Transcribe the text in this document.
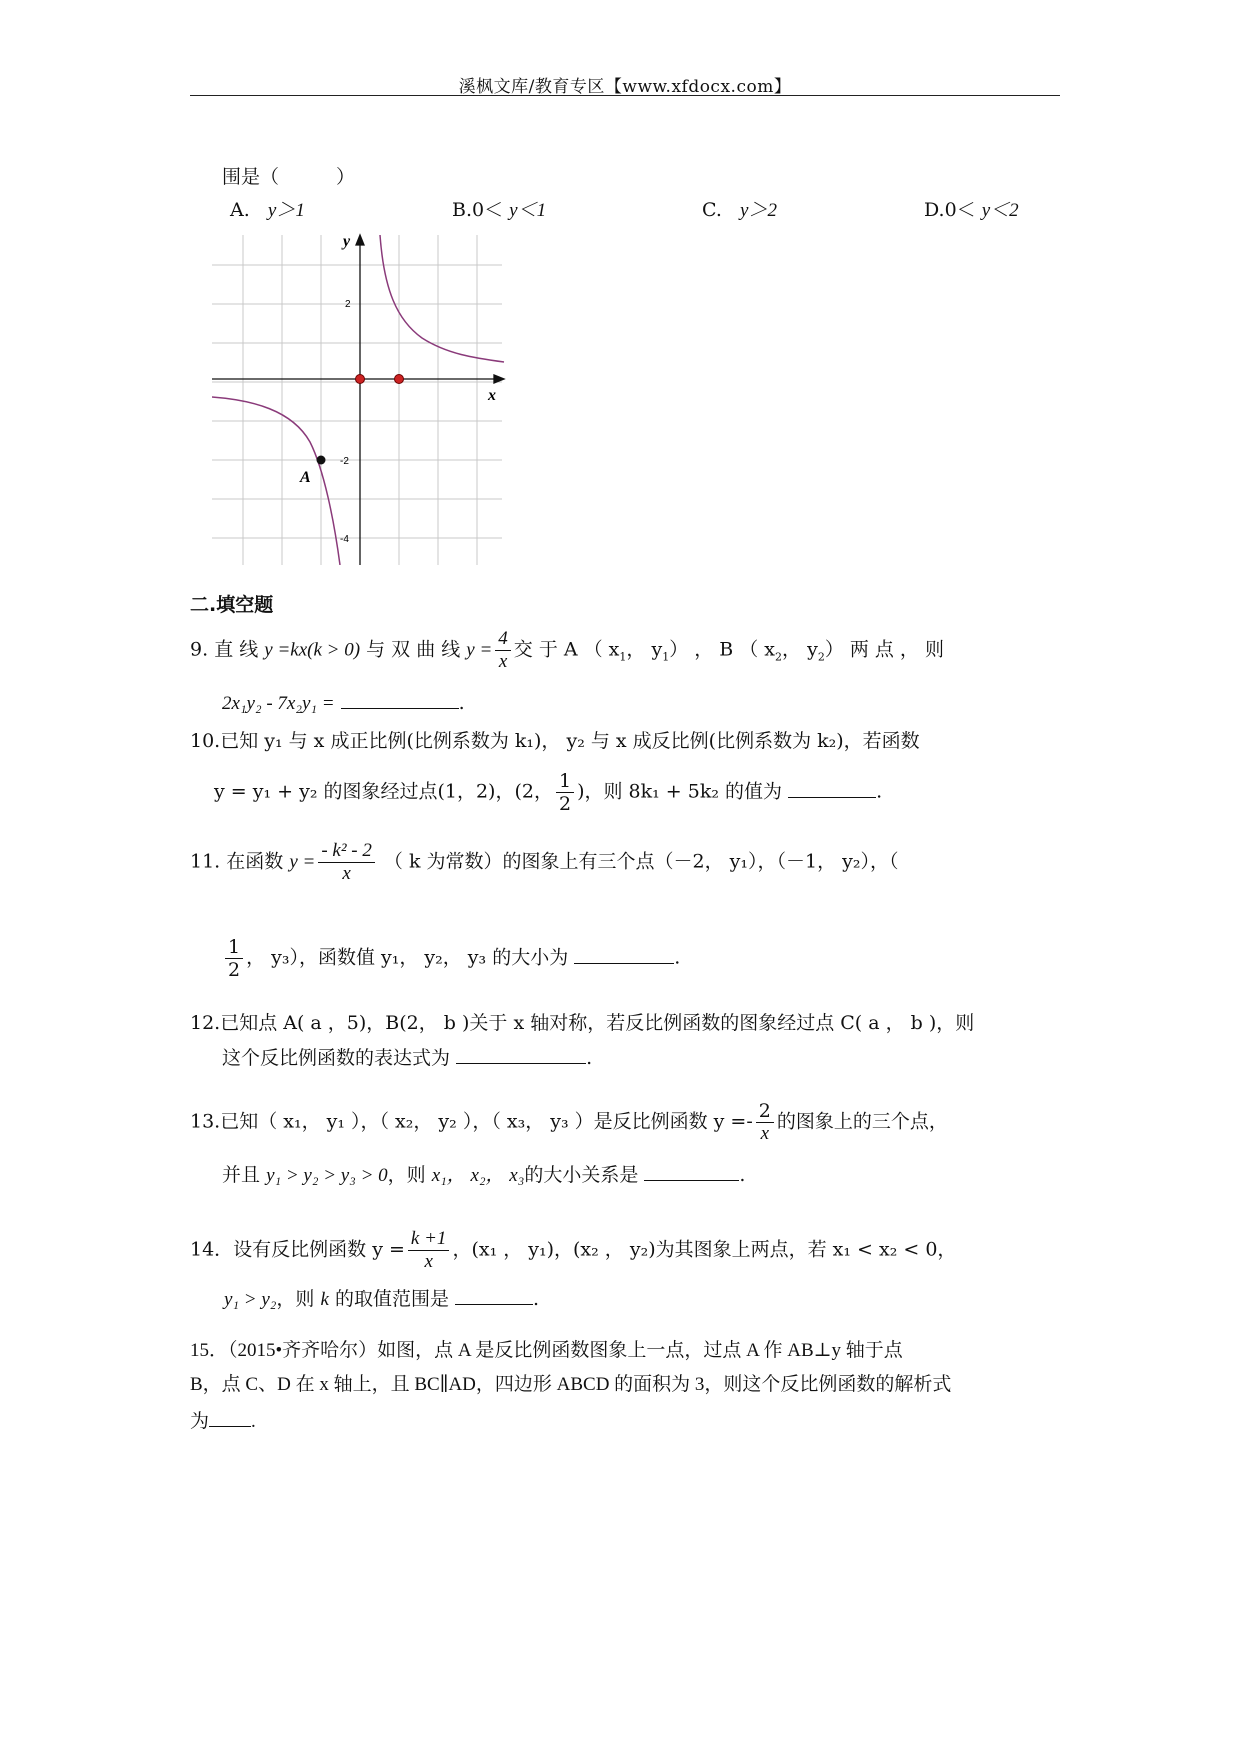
溪枫文库/教育专区【www.xfdocx.com】
围是（　　　）
A. y＞1	B.0＜ y＜1	C. y＞2	D.0＜ y＜2
y
x
2
-2
-4
A
二.填空题
9. 直 线 y =kx(k > 0) 与 双 曲 线 $y = \frac{4}{x}$ 交 于 A （ $x_1$， $y_1$） ， B （ $x_2$， $y_2$） 两 点 ， 则
2x₁y₂ - 7x₂y₁ =	.
10.已知 y₁ 与 x 成正比例(比例系数为 k₁)， y₂ 与 x 成反比例(比例系数为 k₂)，若函数
y = y₁ + y₂ 的图象经过点(1，2)，(2， $\frac{1}{2}$ )，则 8k₁ + 5k₂ 的值为	.
11. 在函数 $y = \frac{\text{- k² - 2}}{x}$ （ k 为常数）的图象上有三个点（－2， y₁），（－1， y₂），（
$\frac{1}{2}$ ， y₃），函数值 y₁， y₂， y₃ 的大小为	.
12.已知点 A( a ，5)，B(2， b )关于 x 轴对称，若反比例函数的图象经过点 C( a ， b )，则
这个反比例函数的表达式为	.
13.已知（ x₁， y₁ ），（ x₂， y₂ ），（ x₃， y₃ ）是反比例函数 $y =- \frac{2}{x}$ 的图象上的三个点，
并且 y₁ > y₂ > y₃ > 0，则 x₁， x₂， x₃的大小关系是	.
14．设有反比例函数 $y = \frac{k +1}{x}$ ，(x₁ ， y₁)，(x₂ ， y₂)为其图象上两点，若 x₁ < x₂ < 0，
y₁ > y₂，则 k 的取值范围是	.
15．（2015•齐齐哈尔）如图，点 A 是反比例函数图象上一点，过点 A 作 AB⊥y 轴于点
B，点 C、D 在 x 轴上，且 BC∥AD，四边形 ABCD 的面积为 3，则这个反比例函数的解析式
为 .
